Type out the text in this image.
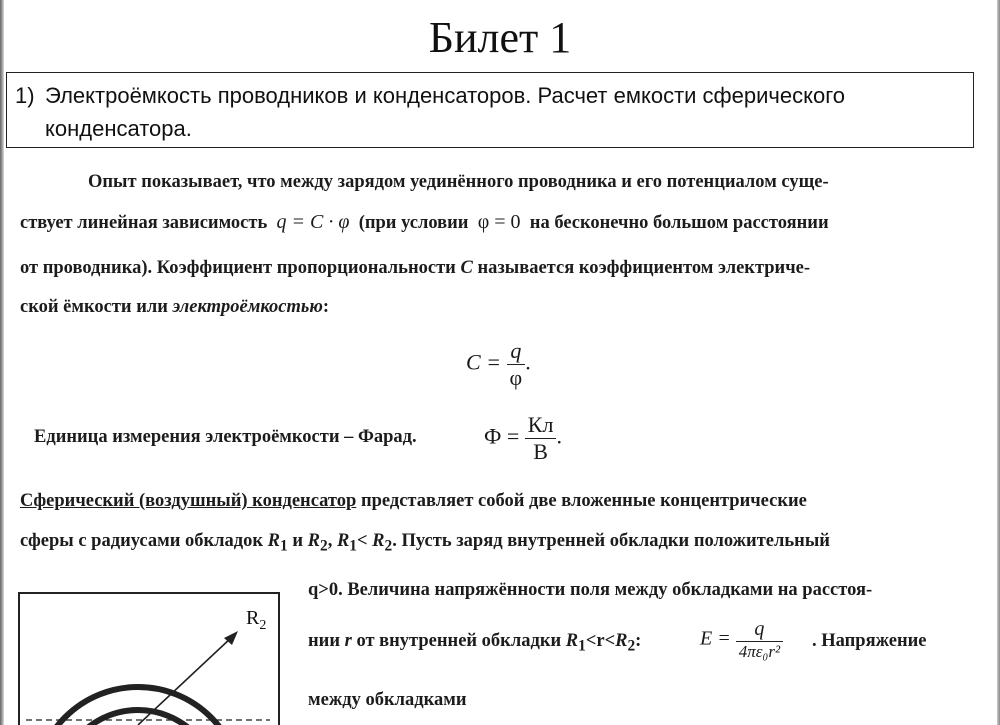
Билет 1
1) Электроёмкость проводников и конденсаторов. Расчет емкости сферического
конденсатора.
Опыт показывает, что между зарядом уединённого проводника и его потенциалом суще-
ствует линейная зависимость q = C · φ (при условии φ = 0 на бесконечно большом расстоянии
от проводника). Коэффициент пропорциональности C называется коэффициентом электриче-
ской ёмкости или электроёмкостью:
$C = \frac{q}{\varphi}$ .
Единица измерения электроёмкости – Фарад.	$Ф = \frac{Кл}{В}$ .
Сферический (воздушный) конденсатор представляет собой две вложенные концентрические
сферы с радиусами обкладок $R_1$ и $R_2$, $R_1< R_2$. Пусть заряд внутренней обкладки положительный
q>0. Величина напряжённости поля между обкладками на расстоя-
нии r от внутренней обкладки $R_1<r<R_2$:	$E = \frac{q}{\text{4πε₀r²}}$ . Напряжение
между обкладками
$R_2$
